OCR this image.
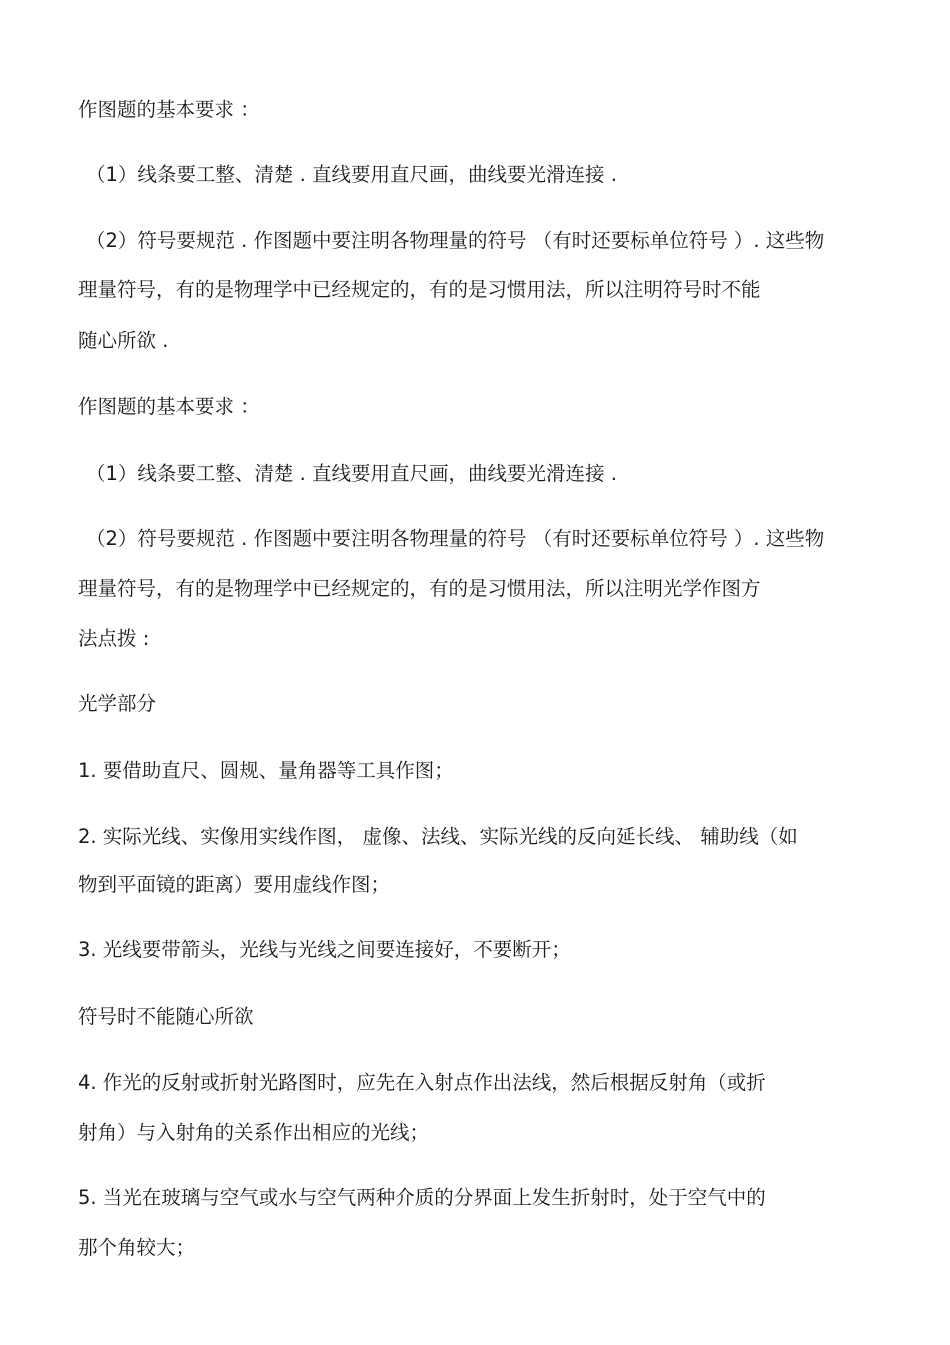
作图题的基本要求 ：
（1）线条要工整、清楚 . 直线要用直尺画，曲线要光滑连接 .
（2）符号要规范 . 作图题中要注明各物理量的符号 （有时还要标单位符号 ）. 这些物
理量符号，有的是物理学中已经规定的，有的是习惯用法，所以注明符号时不能
随心所欲 .
作图题的基本要求 ：
（1）线条要工整、清楚 . 直线要用直尺画，曲线要光滑连接 .
（2）符号要规范 . 作图题中要注明各物理量的符号 （有时还要标单位符号 ）. 这些物
理量符号，有的是物理学中已经规定的，有的是习惯用法，所以注明光学作图方
法点拨 :
光学部分
1. 要借助直尺、圆规、量角器等工具作图；
2. 实际光线、实像用实线作图， 虚像、法线、实际光线的反向延长线、 辅助线（如
物到平面镜的距离）要用虚线作图；
3. 光线要带箭头，光线与光线之间要连接好，不要断开；
符号时不能随心所欲
4. 作光的反射或折射光路图时，应先在入射点作出法线，然后根据反射角（或折
射角）与入射角的关系作出相应的光线；
5. 当光在玻璃与空气或水与空气两种介质的分界面上发生折射时，处于空气中的
那个角较大；
